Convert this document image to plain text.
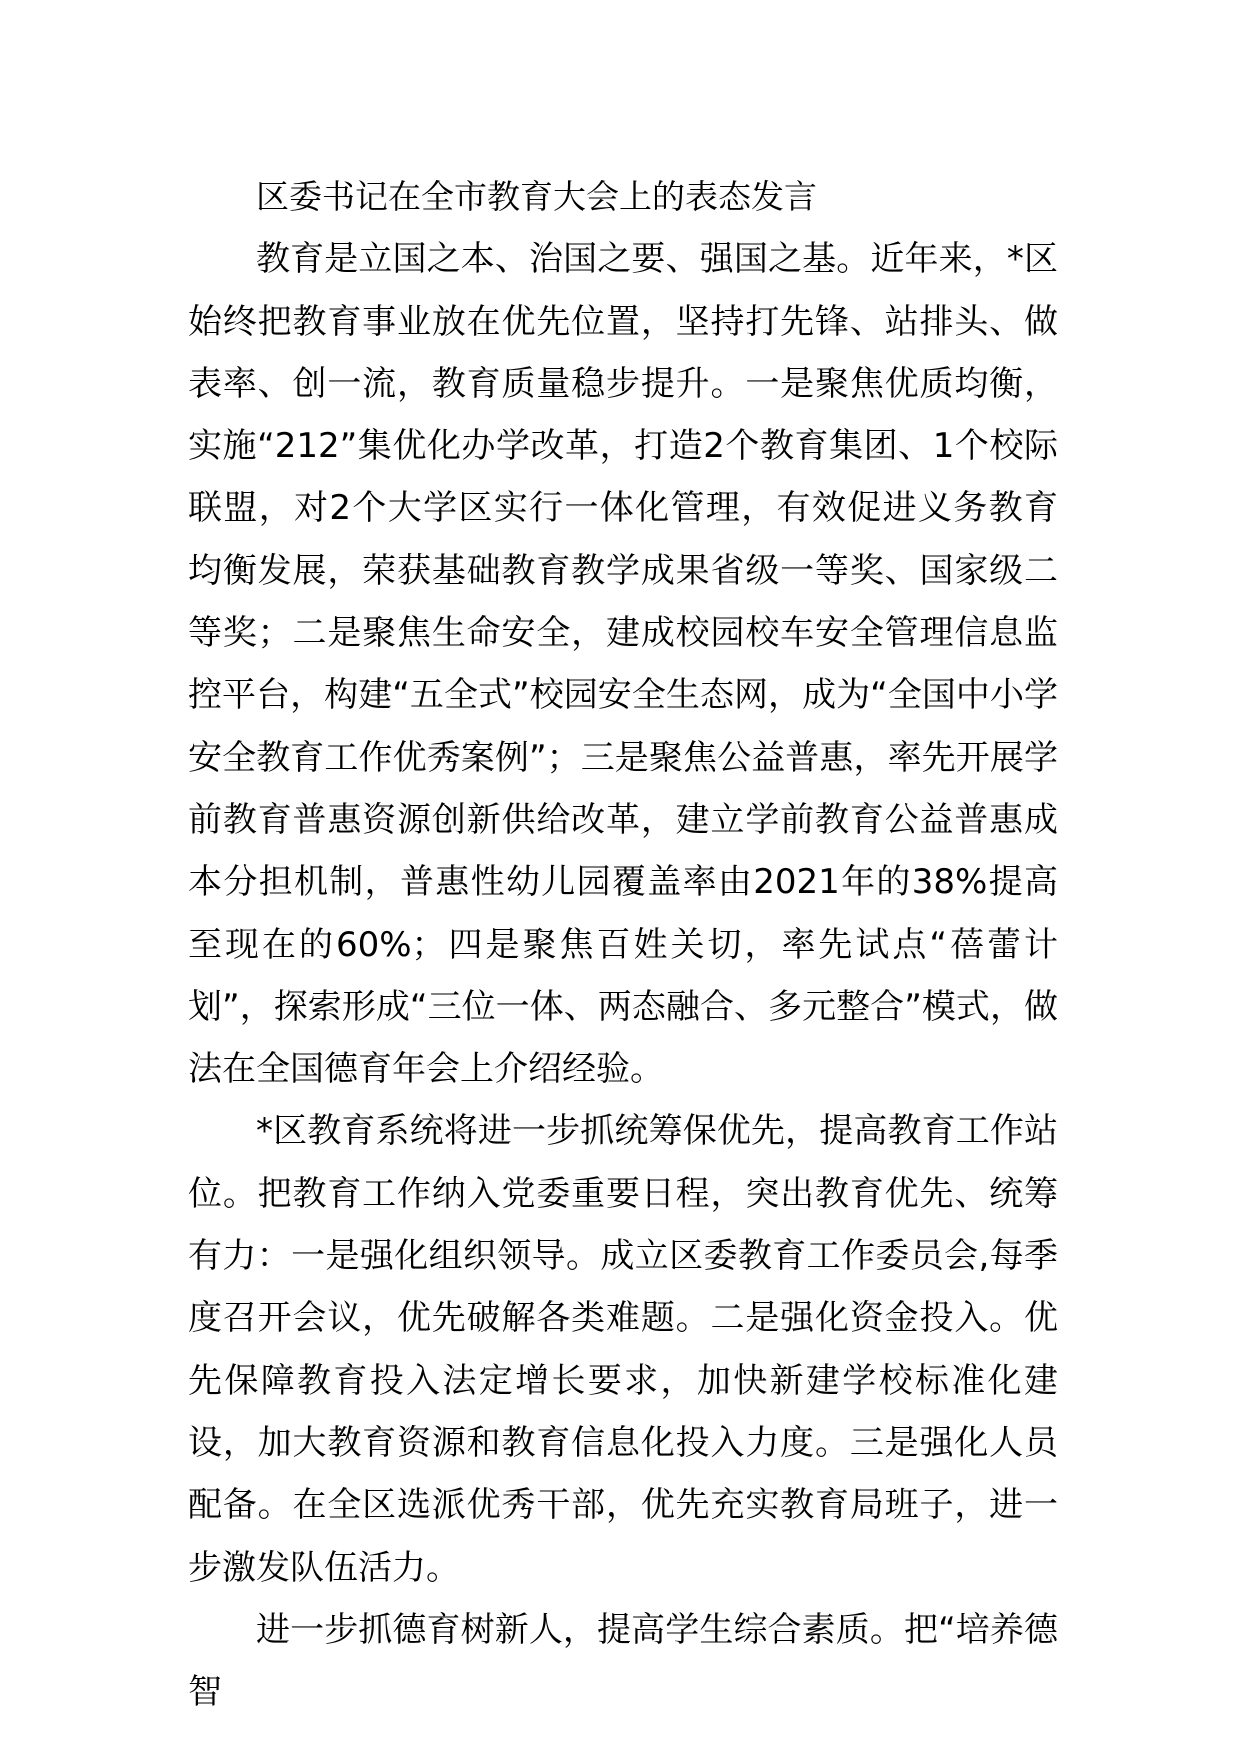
区委书记在全市教育大会上的表态发言

教育是立国之本、治国之要、强国之基。近年来，*区始终把教育事业放在优先位置，坚持打先锋、站排头、做表率、创一流，教育质量稳步提升。一是聚焦优质均衡，实施“212”集优化办学改革，打造2个教育集团、1个校际联盟，对2个大学区实行一体化管理，有效促进义务教育均衡发展，荣获基础教育教学成果省级一等奖、国家级二等奖；二是聚焦生命安全，建成校园校车安全管理信息监控平台，构建“五全式”校园安全生态网，成为“全国中小学安全教育工作优秀案例”；三是聚焦公益普惠，率先开展学前教育普惠资源创新供给改革，建立学前教育公益普惠成本分担机制，普惠性幼儿园覆盖率由2021年的38%提高至现在的60%；四是聚焦百姓关切，率先试点“蓓蕾计划”，探索形成“三位一体、两态融合、多元整合”模式，做法在全国德育年会上介绍经验。

*区教育系统将进一步抓统筹保优先，提高教育工作站位。把教育工作纳入党委重要日程，突出教育优先、统筹有力：一是强化组织领导。成立区委教育工作委员会,每季度召开会议，优先破解各类难题。二是强化资金投入。优先保障教育投入法定增长要求，加快新建学校标准化建设，加大教育资源和教育信息化投入力度。三是强化人员配备。在全区选派优秀干部，优先充实教育局班子，进一步激发队伍活力。

进一步抓德育树新人，提高学生综合素质。把“培养德智
